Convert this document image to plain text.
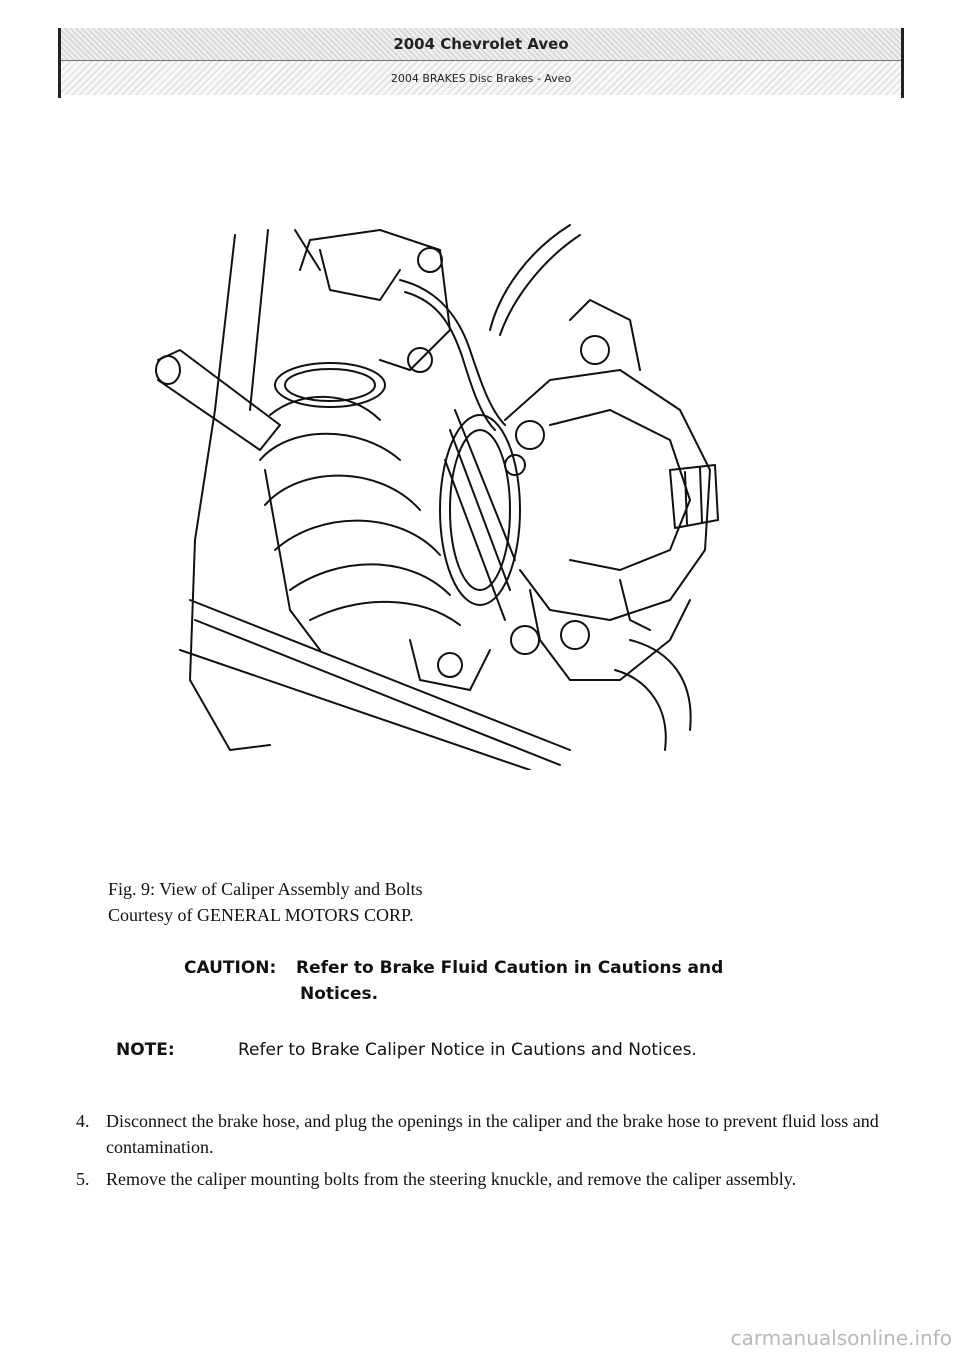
2004 Chevrolet Aveo
2004 BRAKES Disc Brakes - Aveo
Fig. 9: View of Caliper Assembly and Bolts
Courtesy of GENERAL MOTORS CORP.
CAUTION: Refer to Brake Fluid Caution in Cautions and
Notices.
NOTE:	Refer to Brake Caliper Notice in Cautions and Notices.
4. Disconnect the brake hose, and plug the openings in the caliper and the brake hose to prevent fluid loss and contamination.
5. Remove the caliper mounting bolts from the steering knuckle, and remove the caliper assembly.
carmanualsonline.info
